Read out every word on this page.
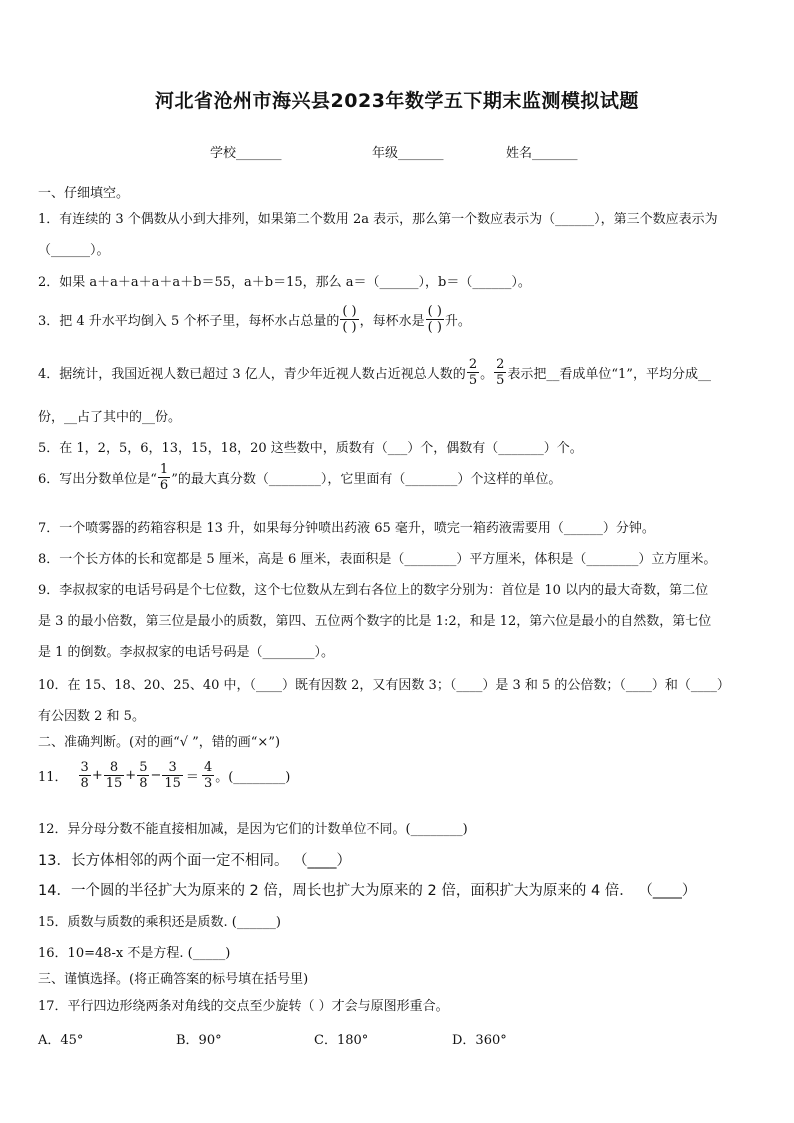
河北省沧州市海兴县2023年数学五下期末监测模拟试题
学校_______	年级_______	姓名_______
一、仔细填空。
1．有连续的 3 个偶数从小到大排列，如果第二个数用 2a 表示，那么第一个数应表示为（______），第三个数应表示为
（______）。
2．如果 a＋a＋a＋a＋a＋b＝55，a＋b＝15，那么 a＝（______），b＝（______）。
3．把 4 升水平均倒入 5 个杯子里，每杯水占总量的 $\frac{( )}{( )}$ ，每杯水是 $\frac{( )}{( )}$ 升。
4．据统计，我国近视人数已超过 3 亿人，青少年近视人数占近视总人数的 $\frac{2}{5}$ 。 $\frac{2}{5}$ 表示把__看成单位“1”，平均分成__
份，__占了其中的__份。
5．在 1，2，5，6，13，15，18，20 这些数中，质数有（___）个，偶数有（_______）个。
6．写出分数单位是“ $\frac{1}{6}$ ”的最大真分数（________），它里面有（________）个这样的单位。
7．一个喷雾器的药箱容积是 13 升，如果每分钟喷出药液 65 毫升，喷完一箱药液需要用（______）分钟。
8．一个长方体的长和宽都是 5 厘米，高是 6 厘米，表面积是（________）平方厘米，体积是（________）立方厘米。
9．李叔叔家的电话号码是个七位数，这个七位数从左到右各位上的数字分别为：首位是 10 以内的最大奇数，第二位
是 3 的最小倍数，第三位是最小的质数，第四、五位两个数字的比是 1:2，和是 12，第六位是最小的自然数，第七位
是 1 的倒数。李叔叔家的电话号码是（________）。
10．在 15、18、20、25、40 中，（____）既有因数 2，又有因数 3；（____）是 3 和 5 的公倍数；（____）和（____）
有公因数 2 和 5。
二、准确判断。(对的画“√ ”，错的画“×”)
11． $\frac{3}{8} + \frac{8}{15} + \frac{5}{8} - \frac{3}{15} = \frac{4}{3}$ 。(________)
12．异分母分数不能直接相加减，是因为它们的计数单位不同。(________)
13．长方体相邻的两个面一定不相同。 （____）
14．一个圆的半径扩大为原来的 2 倍，周长也扩大为原来的 2 倍，面积扩大为原来的 4 倍． （____）
15．质数与质数的乘积还是质数. (______)
16．10=48-x 不是方程. (_____)
三、谨慎选择。(将正确答案的标号填在括号里)
17．平行四边形绕两条对角线的交点至少旋转（ ）才会与原图形重合。
A．45°	B．90°	C．180°	D．360°
